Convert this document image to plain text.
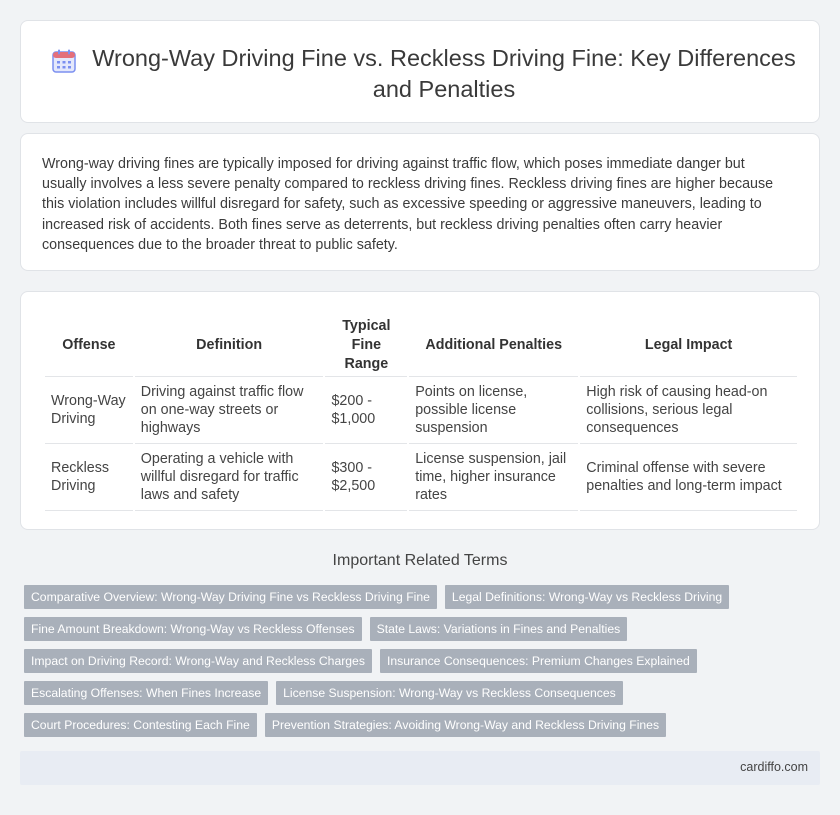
Wrong-Way Driving Fine vs. Reckless Driving Fine: Key Differences and Penalties

Wrong-way driving fines are typically imposed for driving against traffic flow, which poses immediate danger but usually involves a less severe penalty compared to reckless driving fines. Reckless driving fines are higher because this violation includes willful disregard for safety, such as excessive speeding or aggressive maneuvers, leading to increased risk of accidents. Both fines serve as deterrents, but reckless driving penalties often carry heavier consequences due to the broader threat to public safety.

Offense	Definition	Typical Fine Range	Additional Penalties	Legal Impact
Wrong-Way Driving	Driving against traffic flow on one-way streets or highways	$200 - $1,000	Points on license, possible license suspension	High risk of causing head-on collisions, serious legal consequences
Reckless Driving	Operating a vehicle with willful disregard for traffic laws and safety	$300 - $2,500	License suspension, jail time, higher insurance rates	Criminal offense with severe penalties and long-term impact
Important Related Terms
Comparative Overview: Wrong-Way Driving Fine vs Reckless Driving Fine	Legal Definitions: Wrong-Way vs Reckless Driving
Fine Amount Breakdown: Wrong-Way vs Reckless Offenses	State Laws: Variations in Fines and Penalties
Impact on Driving Record: Wrong-Way and Reckless Charges	Insurance Consequences: Premium Changes Explained
Escalating Offenses: When Fines Increase	License Suspension: Wrong-Way vs Reckless Consequences
Court Procedures: Contesting Each Fine	Prevention Strategies: Avoiding Wrong-Way and Reckless Driving Fines
cardiffo.com
